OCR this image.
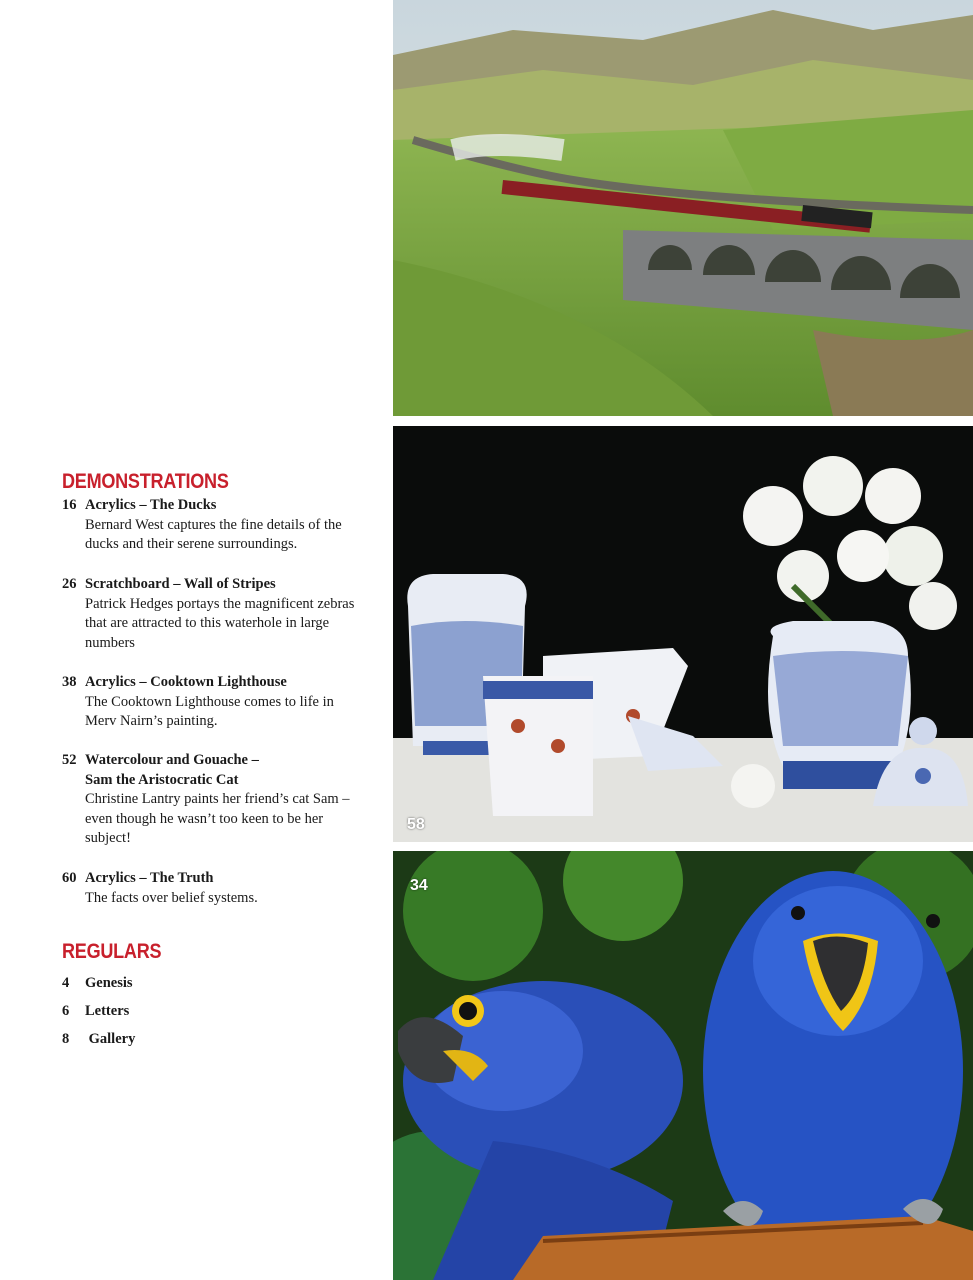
DEMONSTRATIONS
16 Acrylics – The Ducks
Bernard West captures the fine details of the ducks and their serene surroundings.
26 Scratchboard – Wall of Stripes
Patrick Hedges portays the magnificent zebras that are attracted to this waterhole in large numbers
38 Acrylics – Cooktown Lighthouse
The Cooktown Lighthouse comes to life in Merv Nairn’s painting.
52 Watercolour and Gouache – Sam the Aristocratic Cat
Christine Lantry paints her friend’s cat Sam – even though he wasn’t too keen to be her subject!
60 Acrylics – The Truth
The facts over belief systems.
REGULARS
4 Genesis
6 Letters
8 Gallery
58
34
